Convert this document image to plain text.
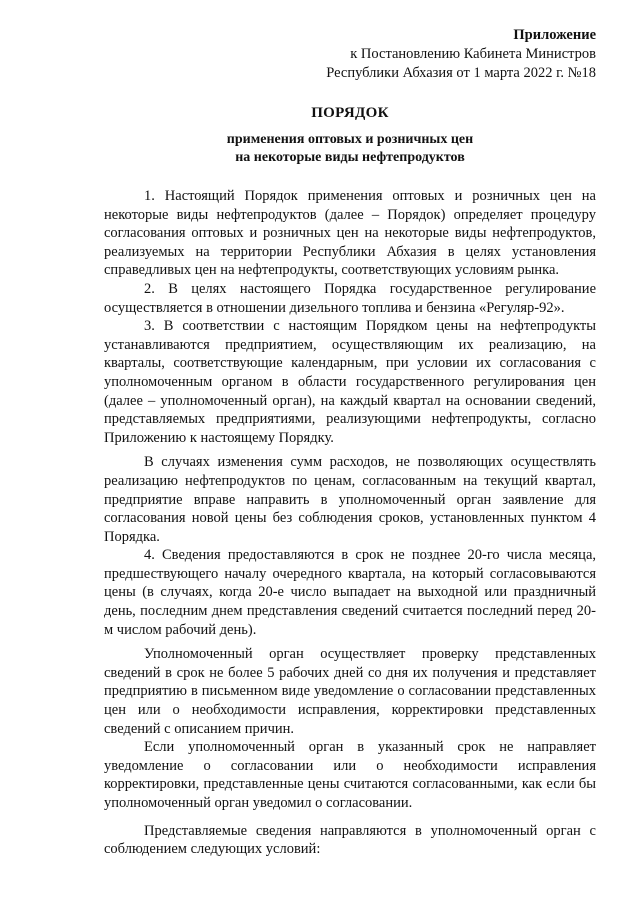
Приложение
к Постановлению Кабинета Министров
Республики Абхазия от 1 марта 2022 г. №18
ПОРЯДОК
применения оптовых и розничных цен
на некоторые виды нефтепродуктов

1. Настоящий Порядок применения оптовых и розничных цен на некоторые виды нефтепродуктов (далее – Порядок) определяет процедуру согласования оптовых и розничных цен на некоторые виды нефтепродуктов, реализуемых на территории Республики Абхазия в целях установления справедливых цен на нефтепродукты, соответствующих условиям рынка.

2. В целях настоящего Порядка государственное регулирование осуществляется в отношении дизельного топлива и бензина «Регуляр-92».

3. В соответствии с настоящим Порядком цены на нефтепродукты устанавливаются предприятием, осуществляющим их реализацию, на кварталы, соответствующие календарным, при условии их согласования с уполномоченным органом в области государственного регулирования цен (далее – уполномоченный орган), на каждый квартал на основании сведений, представляемых предприятиями, реализующими нефтепродукты, согласно Приложению к настоящему Порядку.

В случаях изменения сумм расходов, не позволяющих осуществлять реализацию нефтепродуктов по ценам, согласованным на текущий квартал, предприятие вправе направить в уполномоченный орган заявление для согласования новой цены без соблюдения сроков, установленных пунктом 4 Порядка.

4. Сведения предоставляются в срок не позднее 20-го числа месяца, предшествующего началу очередного квартала, на который согласовываются цены (в случаях, когда 20-е число выпадает на выходной или праздничный день, последним днем представления сведений считается последний перед 20-м числом рабочий день).

Уполномоченный орган осуществляет проверку представленных сведений в срок не более 5 рабочих дней со дня их получения и представляет предприятию в письменном виде уведомление о согласовании представленных цен или о необходимости исправления, корректировки представленных сведений с описанием причин.

Если уполномоченный орган в указанный срок не направляет уведомление о согласовании или о необходимости исправления корректировки, представленные цены считаются согласованными, как если бы уполномоченный орган уведомил о согласовании.

Представляемые сведения направляются в уполномоченный орган с соблюдением следующих условий:
